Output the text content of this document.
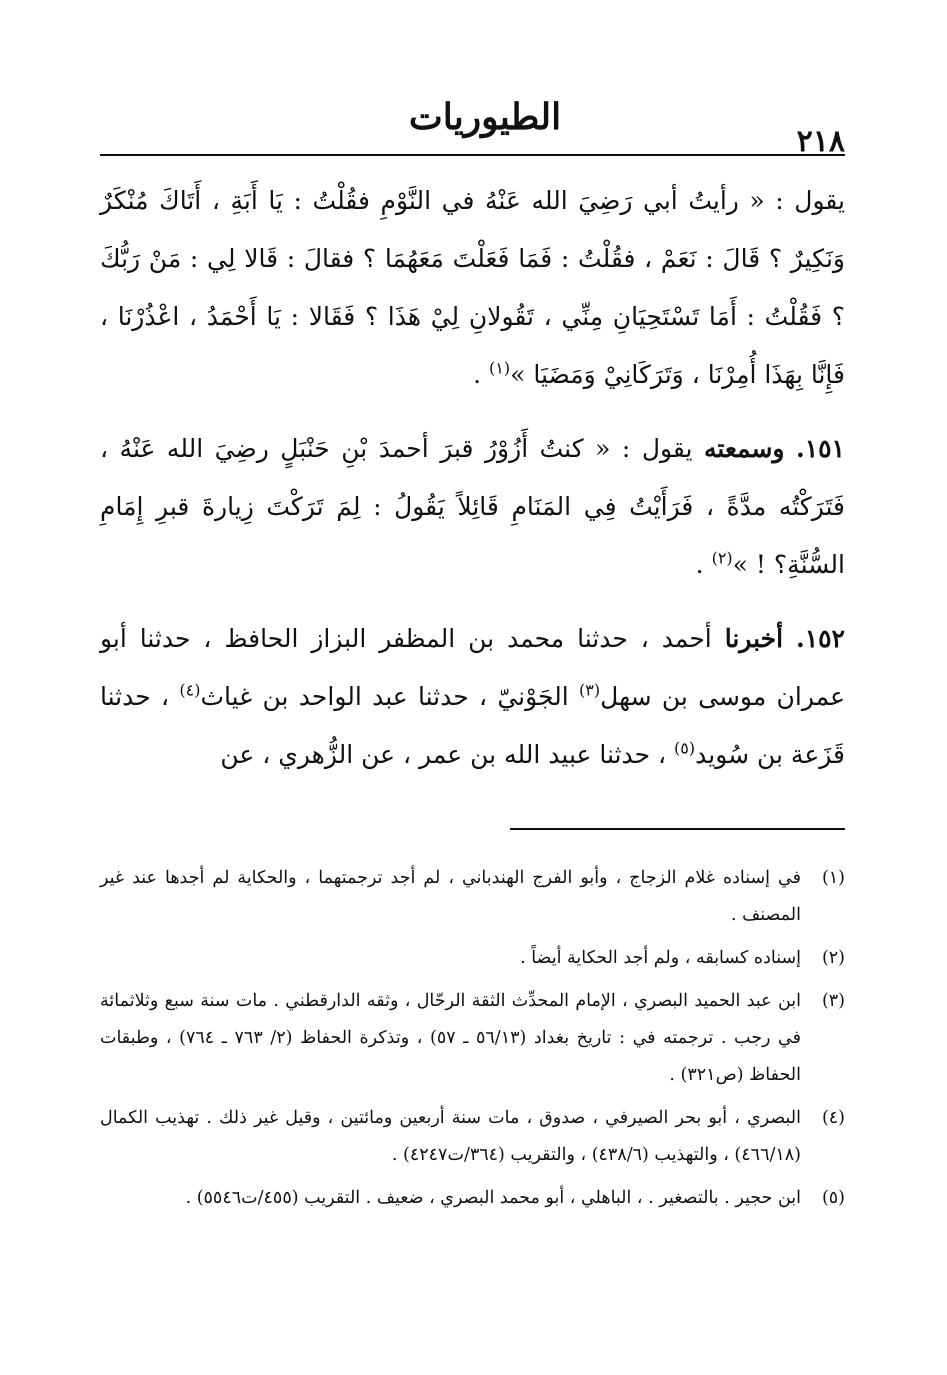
٢١٨
الطيوريات

يقول : « رأيتُ أبي رَضِيَ الله عَنْهُ في النَّوْمِ فقُلْتُ : يَا أَبَةِ ، أَتَاكَ مُنْكَرٌ وَنَكِيرٌ ؟ قَالَ : نَعَمْ ، فقُلْتُ : فَمَا فَعَلْتَ مَعَهُمَا ؟ فقالَ : قَالا لِي : مَنْ رَبُّكَ ؟ فَقُلْتُ : أَمَا تَسْتَحِيَانِ مِنِّي ، تَقُولانِ لِيْ هَذَا ؟ فَقَالا : يَا أَحْمَدُ ، اعْذُرْنَا ، فَإِنَّا بِهَذَا أُمِرْنَا ، وَتَرَكَانِيْ وَمَضَيَا »$^{(١)}$ .

١٥١. وسمعته يقول : « كنتُ أَزُوْرُ قبرَ أحمدَ بْنِ حَنْبَلٍ رضِيَ الله عَنْهُ ، فَتَرَكْتُه مدَّةً ، فَرَأَيْتُ فِي المَنَامِ قَائِلاً يَقُولُ : لِمَ تَرَكْتَ زِيارةَ قبرِ إِمَامِ السُّنَّةِ؟ ! »$^{(٢)}$ .

١٥٢. أخبرنا أحمد ، حدثنا محمد بن المظفر البزاز الحافظ ، حدثنا أبو عمران موسى بن سهل$^{(٣)}$ الجَوْنيّ ، حدثنا عبد الواحد بن غياث$^{(٤)}$ ، حدثنا قَزَعة بن سُويد$^{(٥)}$ ، حدثنا عبيد الله بن عمر ، عن الزُّهري ، عن

(١)
في إسناده غلام الزجاج ، وأبو الفرج الهندباني ، لم أجد ترجمتهما ، والحكاية لم أجدها عند غير المصنف .
(٢)
إسناده كسابقه ، ولم أجد الحكاية أيضاً .
(٣)
ابن عبد الحميد البصري ، الإمام المحدِّث الثقة الرحّال ، وثقه الدارقطني . مات سنة سبع وثلاثمائة في رجب . ترجمته في : تاريخ بغداد (٥٦/١٣ ـ ٥٧) ، وتذكرة الحفاظ (٢/ ٧٦٣ ـ ٧٦٤) ، وطبقات الحفاظ (ص٣٢١) .
(٤)
البصري ، أبو بحر الصيرفي ، صدوق ، مات سنة أربعين ومائتين ، وقيل غير ذلك . تهذيب الكمال (٤٦٦/١٨) ، والتهذيب (٤٣٨/٦) ، والتقريب (٣٦٤/ت٤٢٤٧) .
(٥)
ابن حجير . بالتصغير . ، الباهلي ، أبو محمد البصري ، ضعيف . التقريب (٤٥٥/ت٥٥٤٦) .
